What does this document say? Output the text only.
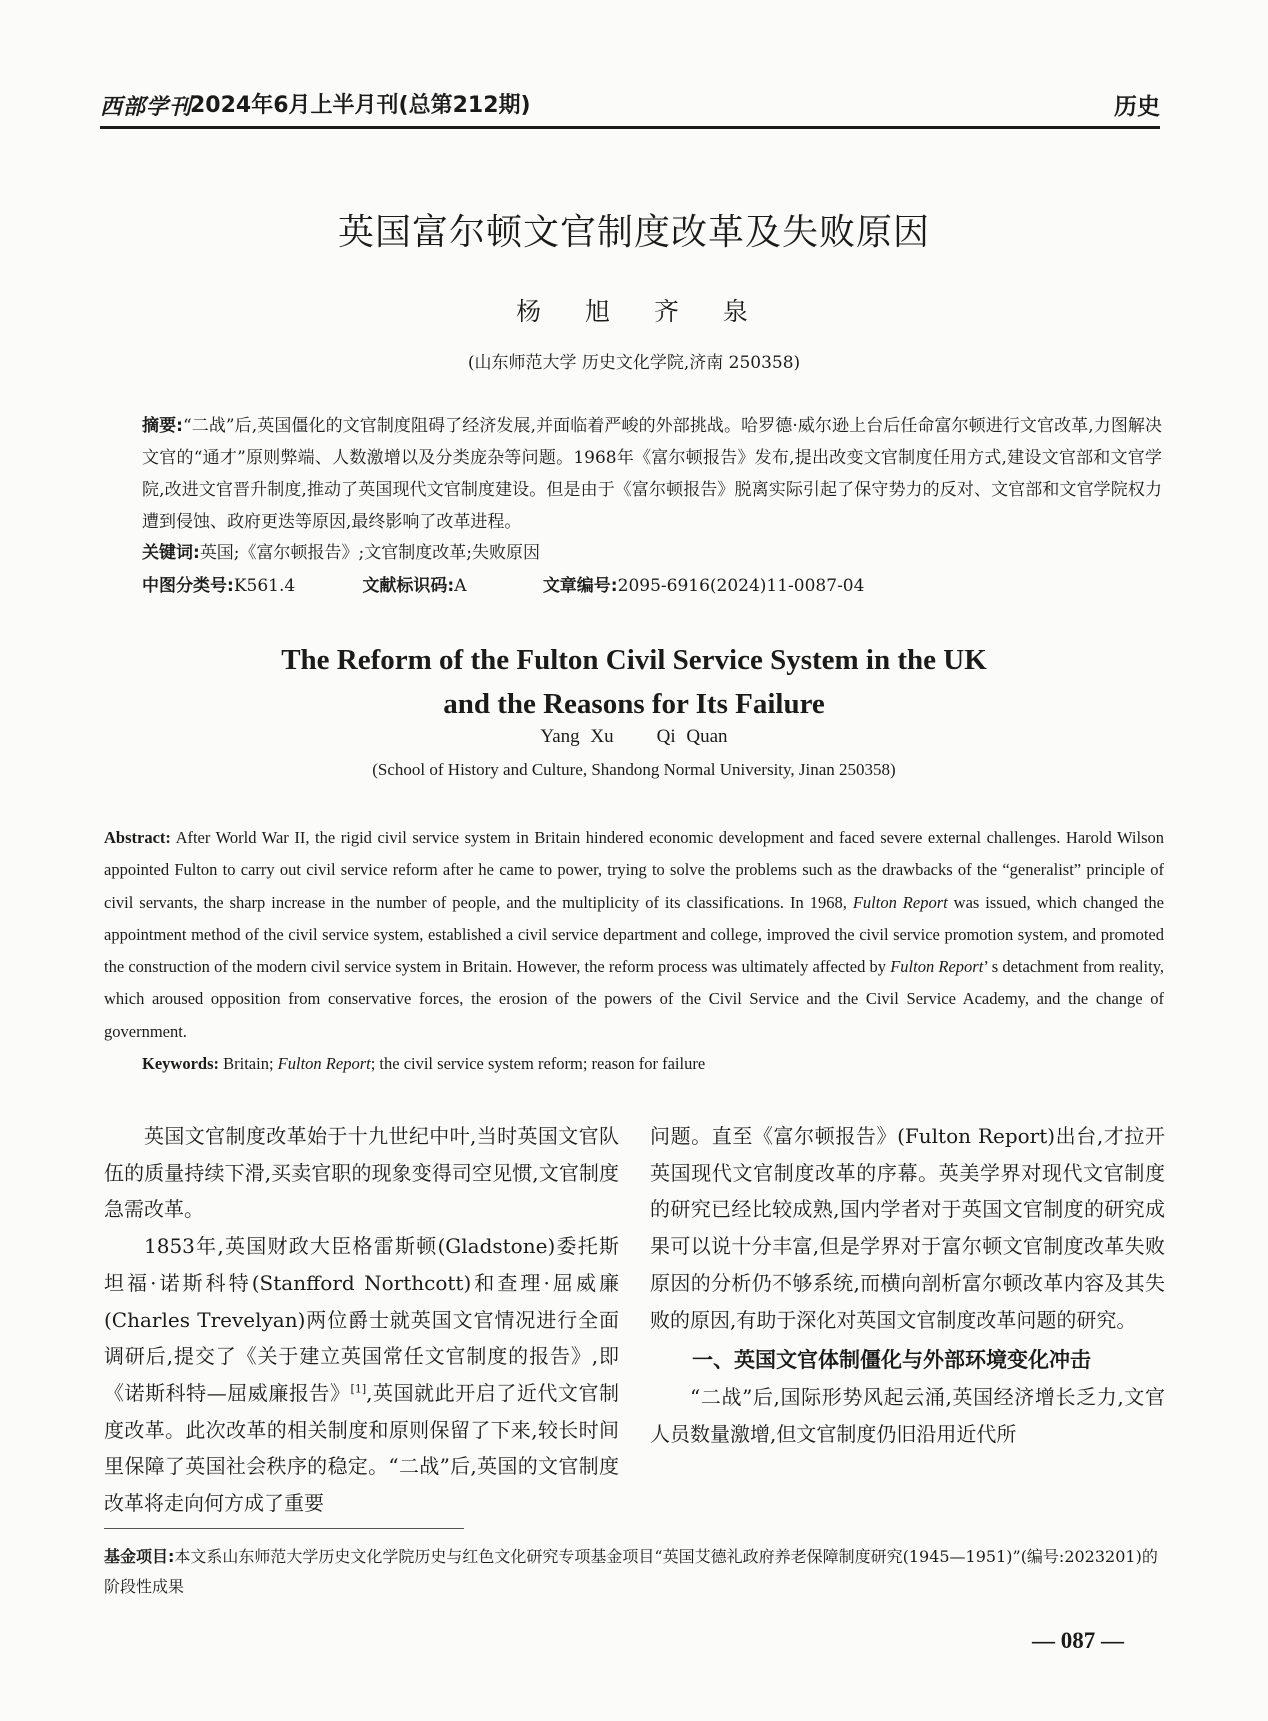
西部学刊
2024年6月上半月刊(总第212期)	历史
英国富尔顿文官制度改革及失败原因
杨 旭 齐 泉
(山东师范大学 历史文化学院,济南 250358)
摘要:“二战”后,英国僵化的文官制度阻碍了经济发展,并面临着严峻的外部挑战。哈罗德·威尔逊上台后任命富尔顿进行文官改革,力图解决文官的“通才”原则弊端、人数激增以及分类庞杂等问题。1968年《富尔顿报告》发布,提出改变文官制度任用方式,建设文官部和文官学院,改进文官晋升制度,推动了英国现代文官制度建设。但是由于《富尔顿报告》脱离实际引起了保守势力的反对、文官部和文官学院权力遭到侵蚀、政府更迭等原因,最终影响了改革进程。
关键词:英国;《富尔顿报告》;文官制度改革;失败原因
中图分类号:K561.4	文献标识码:A	文章编号:2095-6916(2024)11-0087-04
The Reform of the Fulton Civil Service System in the UK
and the Reasons for Its Failure
Yang Xu    Qi Quan
(School of History and Culture, Shandong Normal University, Jinan 250358)
Abstract: After World War II, the rigid civil service system in Britain hindered economic development and faced severe external challenges. Harold Wilson appointed Fulton to carry out civil service reform after he came to power, trying to solve the problems such as the drawbacks of the “generalist” principle of civil servants, the sharp increase in the number of people, and the multiplicity of its classifications. In 1968, Fulton Report was issued, which changed the appointment method of the civil service system, established a civil service department and college, improved the civil service promotion system, and promoted the construction of the modern civil service system in Britain. However, the reform process was ultimately affected by Fulton Report’ s detachment from reality, which aroused opposition from conservative forces, the erosion of the powers of the Civil Service and the Civil Service Academy, and the change of government.
Keywords: Britain; Fulton Report; the civil service system reform; reason for failure

英国文官制度改革始于十九世纪中叶,当时英国文官队伍的质量持续下滑,买卖官职的现象变得司空见惯,文官制度急需改革。

1853年,英国财政大臣格雷斯顿(Gladstone)委托斯坦福·诺斯科特(Stanfford Northcott)和查理·屈威廉(Charles Trevelyan)两位爵士就英国文官情况进行全面调研后,提交了《关于建立英国常任文官制度的报告》,即《诺斯科特—屈威廉报告》[1],英国就此开启了近代文官制度改革。此次改革的相关制度和原则保留了下来,较长时间里保障了英国社会秩序的稳定。“二战”后,英国的文官制度改革将走向何方成了重要

问题。直至《富尔顿报告》(Fulton Report)出台,才拉开英国现代文官制度改革的序幕。英美学界对现代文官制度的研究已经比较成熟,国内学者对于英国文官制度的研究成果可以说十分丰富,但是学界对于富尔顿文官制度改革失败原因的分析仍不够系统,而横向剖析富尔顿改革内容及其失败的原因,有助于深化对英国文官制度改革问题的研究。

一、英国文官体制僵化与外部环境变化冲击

“二战”后,国际形势风起云涌,英国经济增长乏力,文官人员数量激增,但文官制度仍旧沿用近代所

基金项目:本文系山东师范大学历史文化学院历史与红色文化研究专项基金项目“英国艾德礼政府养老保障制度研究(1945—1951)”(编号:2023201)的阶段性成果
— 087 —
